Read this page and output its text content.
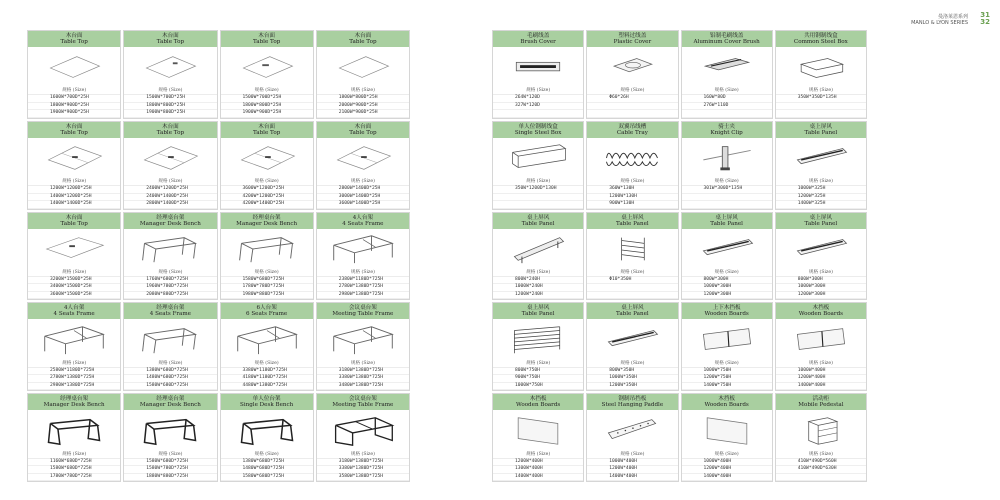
曼洛莱恩系列
MANLO & LYON SERIES
31
32
木台面
Table Top
规格 (Size)
1600W*700D*25H
1800W*900D*25H
1900W*900D*25H
木台面
Table Top
规格 (Size)
1500W*700D*25H
1800W*800D*25H
1900W*800D*25H
木台面
Table Top
规格 (Size)
1500W*700D*25H
1800W*800D*25H
1900W*900D*25H
木台面
Table Top
规格 (Size)
1800W*800D*25H
2000W*900D*25H
2100W*900D*25H
木台面
Table Top
规格 (Size)
1200W*1200D*25H
1400W*1200D*25H
1400W*1400D*25H
木台面
Table Top
规格 (Size)
2400W*1200D*25H
2400W*1400D*25H
2800W*1400D*25H
木台面
Table Top
规格 (Size)
3600W*1200D*25H
4200W*1200D*25H
4200W*1400D*25H
木台面
Table Top
规格 (Size)
2800W*1400D*25H
3000W*1400D*25H
3600W*1400D*25H
木台面
Table Top
规格 (Size)
3200W*1500D*25H
3400W*1500D*25H
3600W*1500D*25H
经理桌台架
Manager Desk Bench
规格 (Size)
1760W*680D*725H
1960W*780D*725H
2080W*880D*725H
经理桌台架
Manager Desk Bench
规格 (Size)
1580W*680D*725H
1780W*780D*725H
1980W*880D*725H
4人台架
4 Seats Frame
规格 (Size)
2380W*1180D*725H
2780W*1380D*725H
2980W*1380D*725H
4人台架
4 Seats Frame
规格 (Size)
2580W*1180D*725H
2780W*1380D*725H
2980W*1380D*725H
经理桌台架
4 Seats Frame
规格 (Size)
1380W*680D*725H
1480W*680D*725H
1580W*680D*725H
6人台架
6 Seats Frame
规格 (Size)
3380W*1180D*725H
4180W*1180D*725H
4480W*1380D*725H
会议桌台架
Meeting Table Frame
规格 (Size)
3180W*1380D*725H
3380W*1380D*725H
3480W*1380D*725H
经理桌台架
Manager Desk Bench
规格 (Size)
1160W*680D*725H
1580W*680D*725H
1780W*780D*725H
经理桌台架
Manager Desk Bench
规格 (Size)
1580W*680D*725H
1580W*780D*725H
1880W*880D*725H
单人位台架
Single Desk Bench
规格 (Size)
1380W*680D*725H
1480W*680D*725H
1580W*680D*725H
会议桌台架
Meeting Table Frame
规格 (Size)
3180W*1380D*725H
3380W*1380D*725H
3580W*1380D*725H
毛刷线盖
Brush Cover
规格 (Size)
264W*120D
327W*120D
塑料过线盖
Plastic Cover
规格 (Size)
Φ60*26H
铝制毛刷线盖
Aluminum Cover Brush
规格 (Size)
160W*80D
276W*110D
共用钢制线盒
Common Steel Box
规格 (Size)
350W*350D*135H
单人位钢制线盒
Single Steel Box
规格 (Size)
350W*1200D*130H
双翼吊线槽
Cable Tray
规格 (Size)
360W*130H
1200W*130H
900W*130H
骑士夹
Knight Clip
规格 (Size)
301W*300D*135H
桌上屏风
Table Panel
规格 (Size)
1000W*325H
1200W*325H
1400W*325H
桌上屏风
Table Panel
规格 (Size)
800W*240H
1000W*240H
1200W*240H
桌上屏风
Table Panel
规格 (Size)
Φ10*350H
桌上屏风
Table Panel
规格 (Size)
800W*300H
1000W*300H
1200W*300H
桌上屏风
Table Panel
规格 (Size)
800W*300H
1000W*300H
1200W*300H
桌上屏风
Table Panel
规格 (Size)
800W*750H
900W*750H
1000W*750H
桌上屏风
Table Panel
规格 (Size)
800W*350H
1000W*350H
1200W*350H
上下木挡板
Wooden Boards
规格 (Size)
1000W*750H
1200W*750H
1400W*750H
木挡板
Wooden Boards
规格 (Size)
1000W*400H
1200W*400H
1400W*400H
木挡板
Wooden Boards
规格 (Size)
1200W*400H
1300W*400H
1400W*400H
钢制吊挡板
Steel Hanging Paddle
规格 (Size)
1000W*400H
1200W*400H
1400W*400H
木挡板
Wooden Boards
规格 (Size)
1000W*400H
1200W*400H
1400W*400H
活动柜
Mobile Pedestal
规格 (Size)
410W*490D*560H
410W*490D*630H
